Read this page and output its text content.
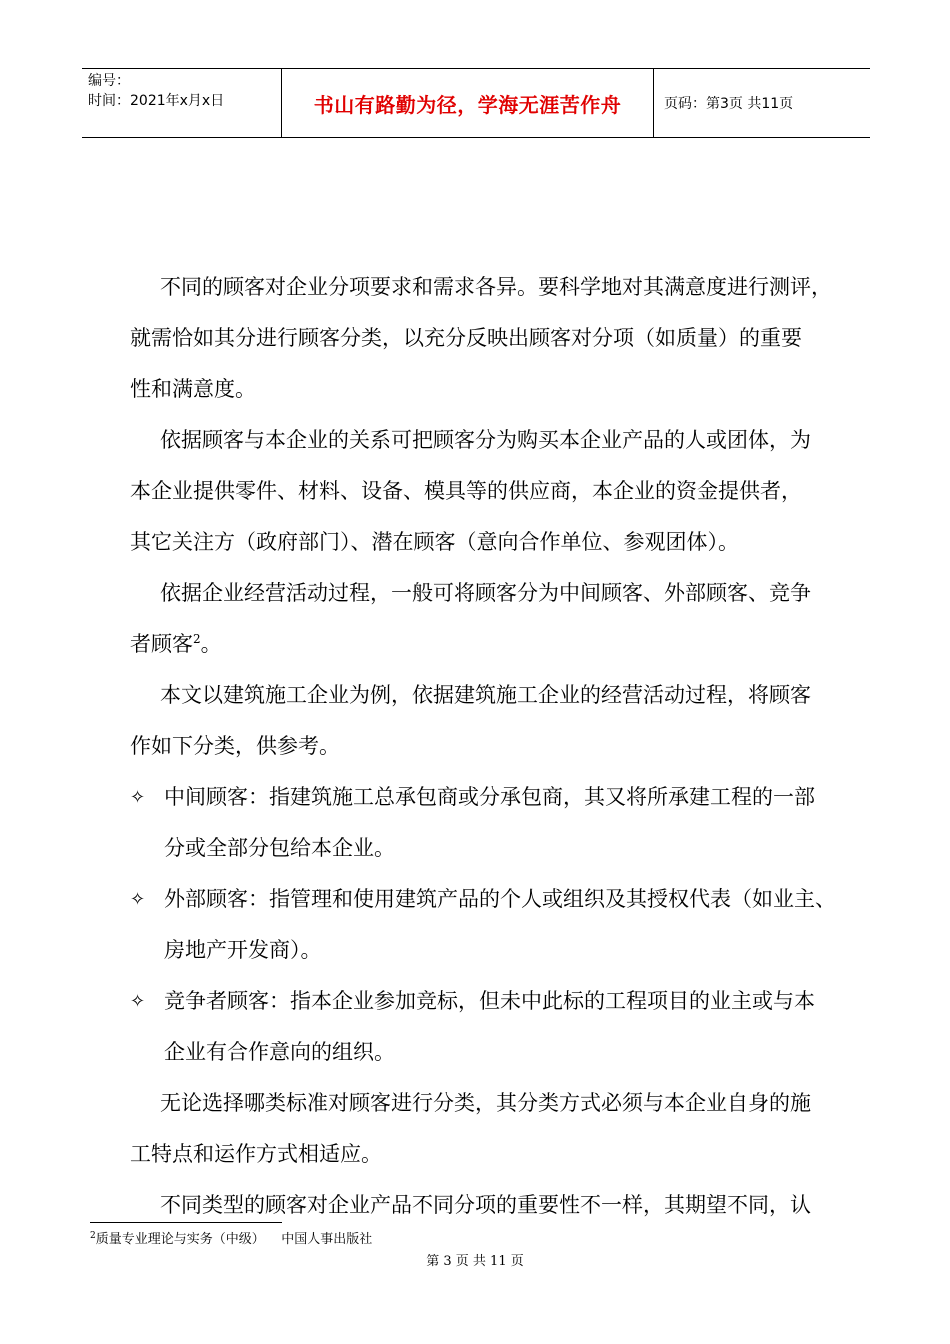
编号：
时间：2021年x月x日	书山有路勤为径，学海无涯苦作舟	页码：第3页 共11页
不同的顾客对企业分项要求和需求各异。要科学地对其满意度进行测评，
就需恰如其分进行顾客分类，以充分反映出顾客对分项（如质量）的重要
性和满意度。
依据顾客与本企业的关系可把顾客分为购买本企业产品的人或团体，为
本企业提供零件、材料、设备、模具等的供应商，本企业的资金提供者，
其它关注方（政府部门）、潜在顾客（意向合作单位、参观团体）。
依据企业经营活动过程，一般可将顾客分为中间顾客、外部顾客、竞争
者顾客$^2$。
本文以建筑施工企业为例，依据建筑施工企业的经营活动过程，将顾客
作如下分类，供参考。
✧ 中间顾客：指建筑施工总承包商或分承包商，其又将所承建工程的一部
分或全部分包给本企业。
✧ 外部顾客：指管理和使用建筑产品的个人或组织及其授权代表（如业主、
房地产开发商）。
✧ 竞争者顾客：指本企业参加竞标，但未中此标的工程项目的业主或与本
企业有合作意向的组织。
无论选择哪类标准对顾客进行分类，其分类方式必须与本企业自身的施
工特点和运作方式相适应。
不同类型的顾客对企业产品不同分项的重要性不一样，其期望不同，认
$^2$质量专业理论与实务（中级）    中国人事出版社
第 3 页 共 11 页
